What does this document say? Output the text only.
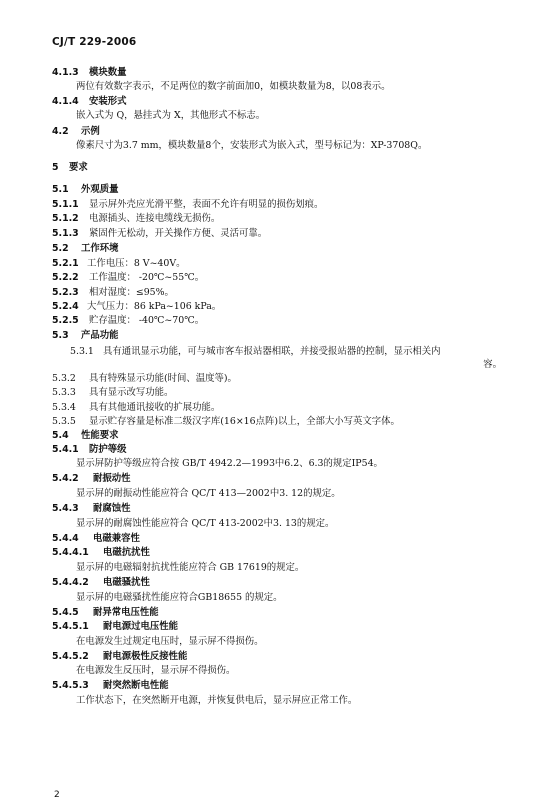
CJ/T 229-2006
4.1.3 模块数量
两位有效数字表示，不足两位的数字前面加0，如模块数量为8，以08表示。
4.1.4 安装形式
嵌入式为 Q，悬挂式为 X，其他形式不标志。
4.2 示例
像素尺寸为3.7 mm，模块数量8个，安装形式为嵌入式，型号标记为：XP-3708Q。
5 要求
5.1 外观质量
5.1.1 显示屏外壳应光滑平整，表面不允许有明显的损伤划痕。
5.1.2 电源插头、连接电缆线无损伤。
5.1.3 紧固件无松动，开关操作方便、灵活可靠。
5.2 工作环境
5.2.1 工作电压：8 V~40V。
5.2.2 工作温度： -20℃~55℃。
5.2.3 相对湿度：≤95%。
5.2.4 大气压力：86 kPa~106 kPa。
5.2.5 贮存温度： -40℃~70℃。
5.3 产品功能
5.3.1 具有通讯显示功能，可与城市客车报站器相联，并接受报站器的控制，显示相关内
容。
5.3.2 具有特殊显示功能(时间、温度等)。
5.3.3 具有显示改写功能。
5.3.4 具有其他通讯接收的扩展功能。
5.3.5 显示贮存容量是标准二级汉字库(16×16点阵)以上，全部大小写英文字体。
5.4 性能要求
5.4.1 防护等级
显示屏防护等级应符合按 GB/T 4942.2—1993中6.2、6.3的规定IP54。
5.4.2 耐振动性
显示屏的耐振动性能应符合 QC/T 413—2002中3. 12的规定。
5.4.3 耐腐蚀性
显示屏的耐腐蚀性能应符合 QC/T 413-2002中3. 13的规定。
5.4.4 电磁兼容性
5.4.4.1 电磁抗扰性
显示屏的电磁辐射抗扰性能应符合 GB 17619的规定。
5.4.4.2 电磁骚扰性
显示屏的电磁骚扰性能应符合GB18655 的规定。
5.4.5 耐异常电压性能
5.4.5.1 耐电源过电压性能
在电源发生过规定电压时，显示屏不得损伤。
5.4.5.2 耐电源极性反接性能
在电源发生反压时，显示屏不得损伤。
5.4.5.3 耐突然断电性能
工作状态下，在突然断开电源，并恢复供电后，显示屏应正常工作。
2
